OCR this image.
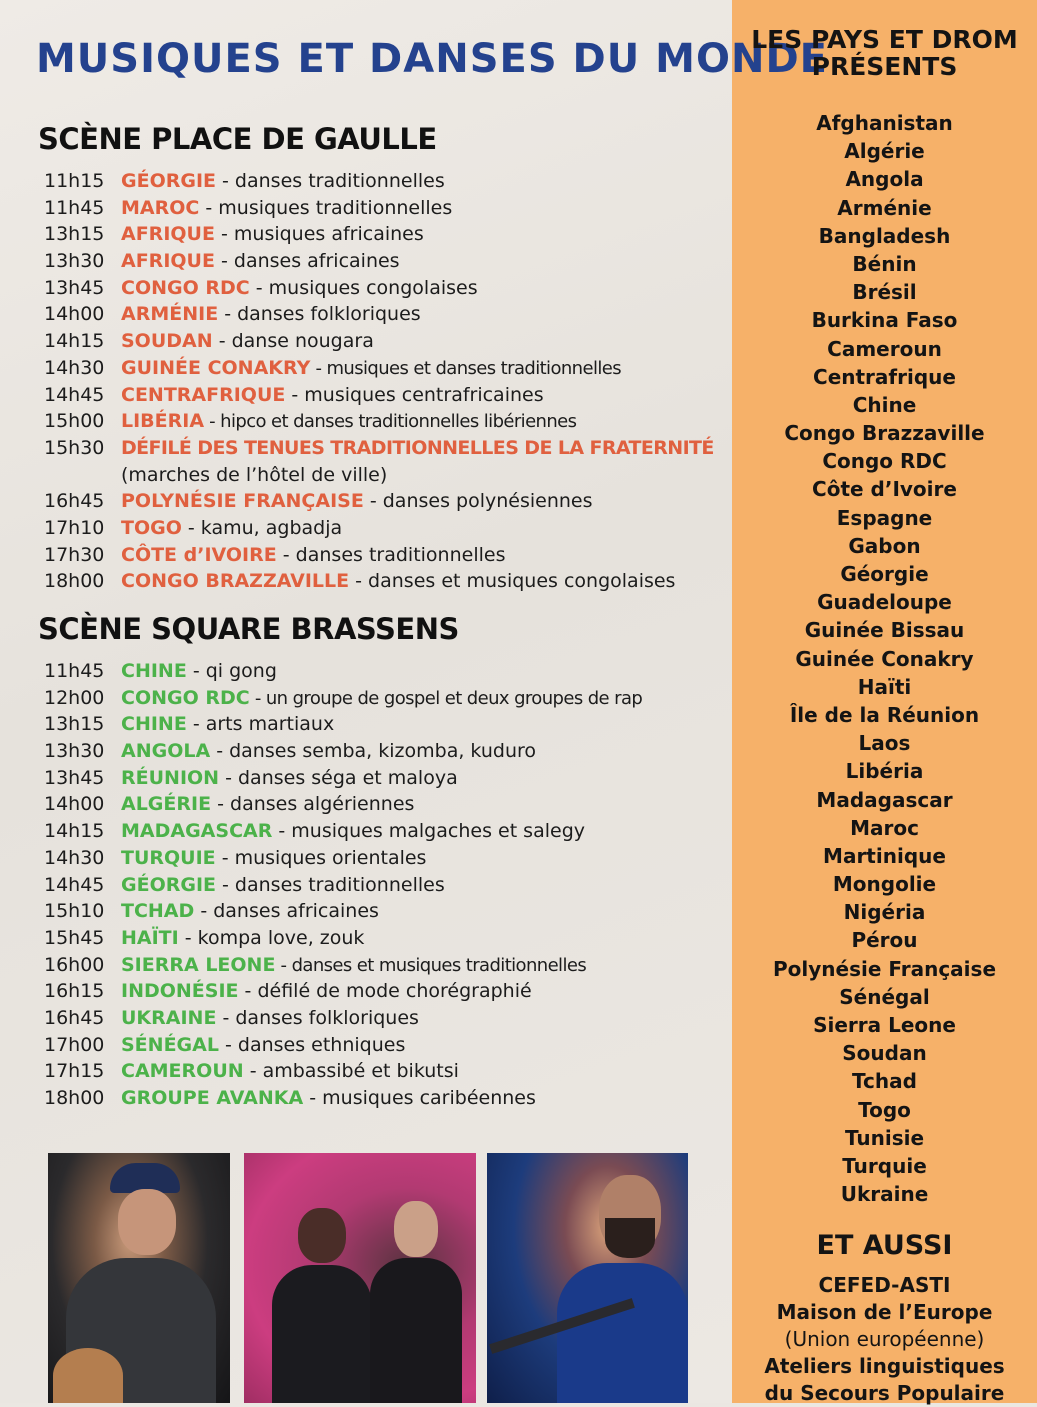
MUSIQUES ET DANSES DU MONDE
SCÈNE PLACE DE GAULLE
11h15 GÉORGIE - danses traditionnelles
11h45 MAROC - musiques traditionnelles
13h15 AFRIQUE - musiques africaines
13h30 AFRIQUE - danses africaines
13h45 CONGO RDC - musiques congolaises
14h00 ARMÉNIE - danses folkloriques
14h15 SOUDAN - danse nougara
14h30 GUINÉE CONAKRY - musiques et danses traditionnelles
14h45 CENTRAFRIQUE - musiques centrafricaines
15h00 LIBÉRIA - hipco et danses traditionnelles libériennes
15h30 DÉFILÉ DES TENUES TRADITIONNELLES DE LA FRATERNITÉ
(marches de l’hôtel de ville)
16h45 POLYNÉSIE FRANÇAISE - danses polynésiennes
17h10 TOGO - kamu, agbadja
17h30 CÔTE d’IVOIRE - danses traditionnelles
18h00 CONGO BRAZZAVILLE - danses et musiques congolaises
SCÈNE SQUARE BRASSENS
11h45 CHINE - qi gong
12h00 CONGO RDC - un groupe de gospel et deux groupes de rap
13h15 CHINE - arts martiaux
13h30 ANGOLA - danses semba, kizomba, kuduro
13h45 RÉUNION - danses séga et maloya
14h00 ALGÉRIE - danses algériennes
14h15 MADAGASCAR - musiques malgaches et salegy
14h30 TURQUIE - musiques orientales
14h45 GÉORGIE - danses traditionnelles
15h10 TCHAD - danses africaines
15h45 HAÏTI - kompa love, zouk
16h00 SIERRA LEONE - danses et musiques traditionnelles
16h15 INDONÉSIE - défilé de mode chorégraphié
16h45 UKRAINE - danses folkloriques
17h00 SÉNÉGAL - danses ethniques
17h15 CAMEROUN - ambassibé et bikutsi
18h00 GROUPE AVANKA - musiques caribéennes
LES PAYS ET DROM
PRÉSENTS
Afghanistan
Algérie
Angola
Arménie
Bangladesh
Bénin
Brésil
Burkina Faso
Cameroun
Centrafrique
Chine
Congo Brazzaville
Congo RDC
Côte d’Ivoire
Espagne
Gabon
Géorgie
Guadeloupe
Guinée Bissau
Guinée Conakry
Haïti
Île de la Réunion
Laos
Libéria
Madagascar
Maroc
Martinique
Mongolie
Nigéria
Pérou
Polynésie Française
Sénégal
Sierra Leone
Soudan
Tchad
Togo
Tunisie
Turquie
Ukraine
ET AUSSI
CEFED-ASTI
Maison de l’Europe
(Union européenne)
Ateliers linguistiques
du Secours Populaire
